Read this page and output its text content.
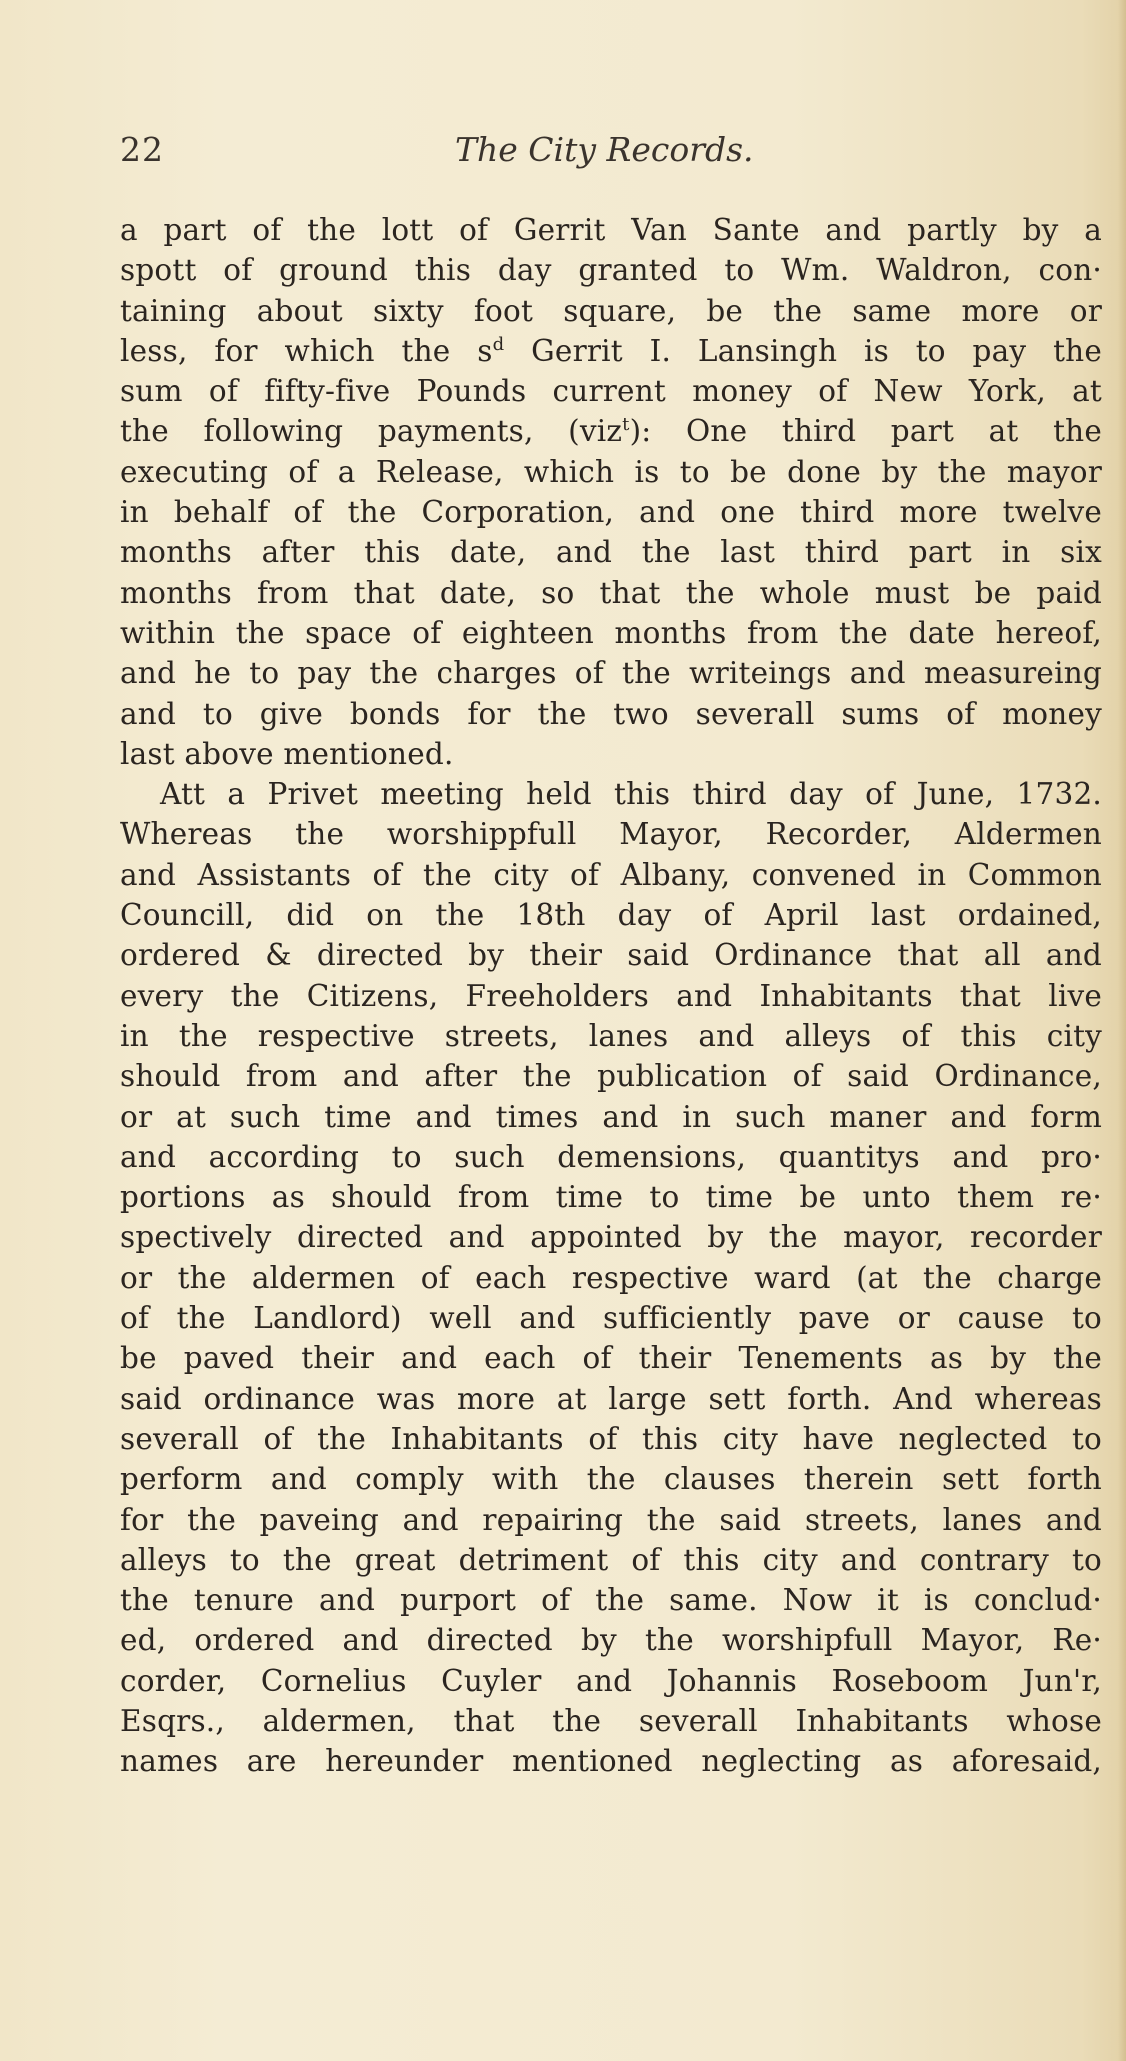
22	The City Records.
a part of the lott of Gerrit Van Sante and partly by a
spott of ground this day granted to Wm. Waldron, con·
taining about sixty foot square, be the same more or
less, for which the $s^d$ Gerrit I. Lansingh is to pay the
sum of fifty-five Pounds current money of New York, at
the following payments, (viz$^t$): One third part at the
executing of a Release, which is to be done by the mayor
in behalf of the Corporation, and one third more twelve
months after this date, and the last third part in six
months from that date, so that the whole must be paid
within the space of eighteen months from the date hereof,
and he to pay the charges of the writeings and measureing
and to give bonds for the two severall sums of money
last above mentioned.
Att a Privet meeting held this third day of June, 1732.
Whereas the worshippfull Mayor, Recorder, Aldermen
and Assistants of the city of Albany, convened in Common
Councill, did on the 18th day of April last ordained,
ordered & directed by their said Ordinance that all and
every the Citizens, Freeholders and Inhabitants that live
in the respective streets, lanes and alleys of this city
should from and after the publication of said Ordinance,
or at such time and times and in such maner and form
and according to such demensions, quantitys and pro·
portions as should from time to time be unto them re·
spectively directed and appointed by the mayor, recorder
or the aldermen of each respective ward (at the charge
of the Landlord) well and sufficiently pave or cause to
be paved their and each of their Tenements as by the
said ordinance was more at large sett forth. And whereas
severall of the Inhabitants of this city have neglected to
perform and comply with the clauses therein sett forth
for the paveing and repairing the said streets, lanes and
alleys to the great detriment of this city and contrary to
the tenure and purport of the same. Now it is conclud·
ed, ordered and directed by the worshipfull Mayor, Re·
corder, Cornelius Cuyler and Johannis Roseboom Jun'r,
Esqrs., aldermen, that the severall Inhabitants whose
names are hereunder mentioned neglecting as aforesaid,
